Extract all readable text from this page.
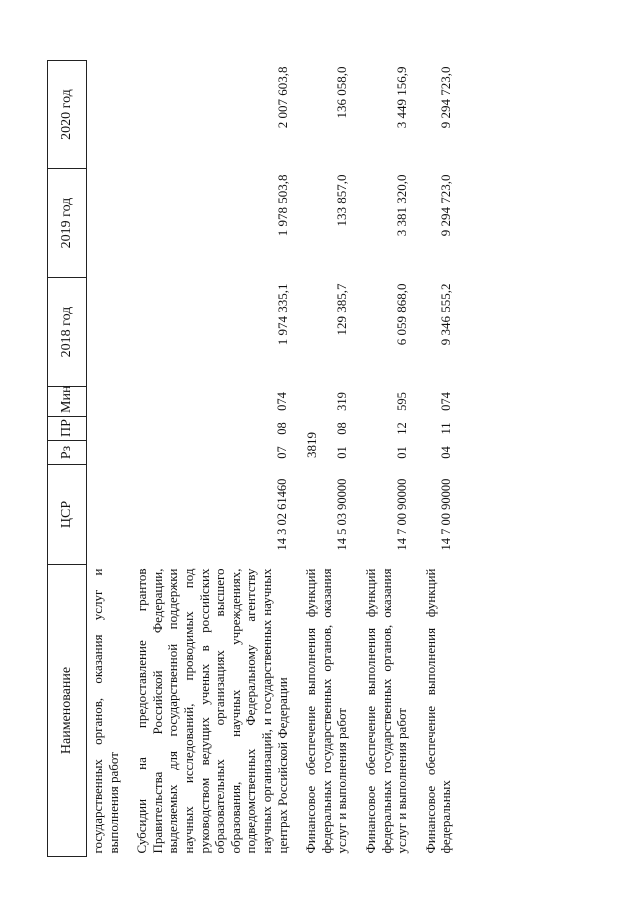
3819
Наименование	ЦСР	Рз	ПР	Мин	2018 год	2019 год	2020 год
государственных органов, оказания услуг и выполнения работ							
Субсидии на предоставление грантов Правительства Российской Федерации, выделяемых для государственной поддержки научных исследований, проводимых под руководством ведущих ученых в российских образовательных организациях высшего образования, научных учреждениях, подведомственных Федеральному агентству научных организаций, и государственных научных центрах Российской Федерации	14 3 02 61460	07	08	074	1 974 335,1	1 978 503,8	2 007 603,8
Финансовое обеспечение выполнения функций федеральных государственных органов, оказания услуг и выполнения работ	14 5 03 90000	01	08	319	129 385,7	133 857,0	136 058,0
Финансовое обеспечение выполнения функций федеральных государственных органов, оказания услуг и выполнения работ	14 7 00 90000	01	12	595	6 059 868,0	3 381 320,0	3 449 156,9
Финансовое обеспечение выполнения функций федеральных	14 7 00 90000	04	11	074	9 346 555,2	9 294 723,0	9 294 723,0
